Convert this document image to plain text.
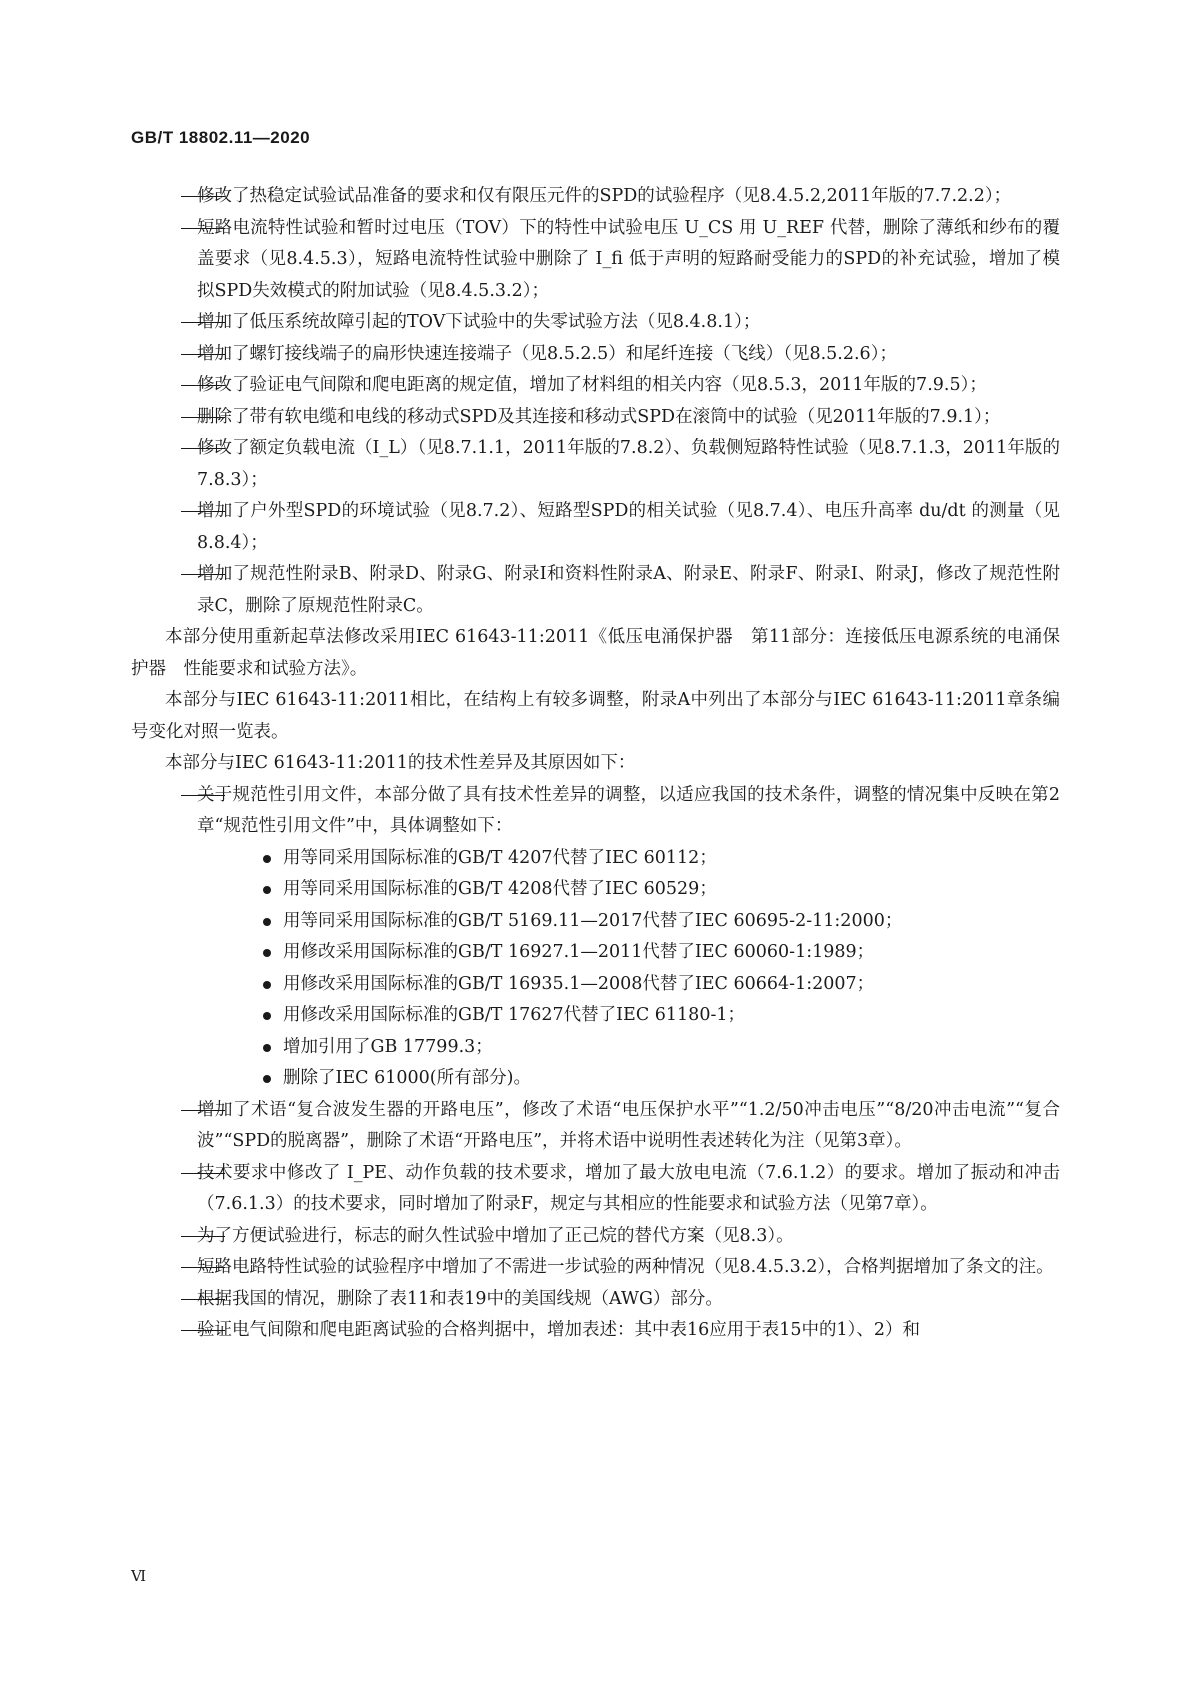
GB/T 18802.11—2020
修改了热稳定试验试品准备的要求和仅有限压元件的SPD的试验程序（见8.4.5.2,2011年版的7.7.2.2）；
短路电流特性试验和暂时过电压（TOV）下的特性中试验电压 U_CS 用 U_REF 代替，删除了薄纸和纱布的覆盖要求（见8.4.5.3），短路电流特性试验中删除了 I_fi 低于声明的短路耐受能力的SPD的补充试验，增加了模拟SPD失效模式的附加试验（见8.4.5.3.2）；
增加了低压系统故障引起的TOV下试验中的失零试验方法（见8.4.8.1）；
增加了螺钉接线端子的扁形快速连接端子（见8.5.2.5）和尾纤连接（飞线）（见8.5.2.6）；
修改了验证电气间隙和爬电距离的规定值，增加了材料组的相关内容（见8.5.3，2011年版的7.9.5）；
删除了带有软电缆和电线的移动式SPD及其连接和移动式SPD在滚筒中的试验（见2011年版的7.9.1）；
修改了额定负载电流（I_L）（见8.7.1.1，2011年版的7.8.2）、负载侧短路特性试验（见8.7.1.3，2011年版的7.8.3）；
增加了户外型SPD的环境试验（见8.7.2）、短路型SPD的相关试验（见8.7.4）、电压升高率 du/dt 的测量（见8.8.4）；
增加了规范性附录B、附录D、附录G、附录I和资料性附录A、附录E、附录F、附录I、附录J，修改了规范性附录C，删除了原规范性附录C。
本部分使用重新起草法修改采用IEC 61643-11:2011《低压电涌保护器　第11部分：连接低压电源系统的电涌保护器　性能要求和试验方法》。
本部分与IEC 61643-11:2011相比，在结构上有较多调整，附录A中列出了本部分与IEC 61643-11:2011章条编号变化对照一览表。
本部分与IEC 61643-11:2011的技术性差异及其原因如下：
关于规范性引用文件，本部分做了具有技术性差异的调整，以适应我国的技术条件，调整的情况集中反映在第2章“规范性引用文件”中，具体调整如下：
用等同采用国际标准的GB/T 4207代替了IEC 60112；
用等同采用国际标准的GB/T 4208代替了IEC 60529；
用等同采用国际标准的GB/T 5169.11—2017代替了IEC 60695-2-11:2000；
用修改采用国际标准的GB/T 16927.1—2011代替了IEC 60060-1:1989；
用修改采用国际标准的GB/T 16935.1—2008代替了IEC 60664-1:2007；
用修改采用国际标准的GB/T 17627代替了IEC 61180-1；
增加引用了GB 17799.3；
删除了IEC 61000(所有部分)。
增加了术语“复合波发生器的开路电压”，修改了术语“电压保护水平”“1.2/50冲击电压”“8/20冲击电流”“复合波”“SPD的脱离器”，删除了术语“开路电压”，并将术语中说明性表述转化为注（见第3章）。
技术要求中修改了 I_PE、动作负载的技术要求，增加了最大放电电流（7.6.1.2）的要求。增加了振动和冲击（7.6.1.3）的技术要求，同时增加了附录F，规定与其相应的性能要求和试验方法（见第7章）。
为了方便试验进行，标志的耐久性试验中增加了正己烷的替代方案（见8.3）。
短路电路特性试验的试验程序中增加了不需进一步试验的两种情况（见8.4.5.3.2），合格判据增加了条文的注。
根据我国的情况，删除了表11和表19中的美国线规（AWG）部分。
验证电气间隙和爬电距离试验的合格判据中，增加表述：其中表16应用于表15中的1）、2）和
Ⅵ
